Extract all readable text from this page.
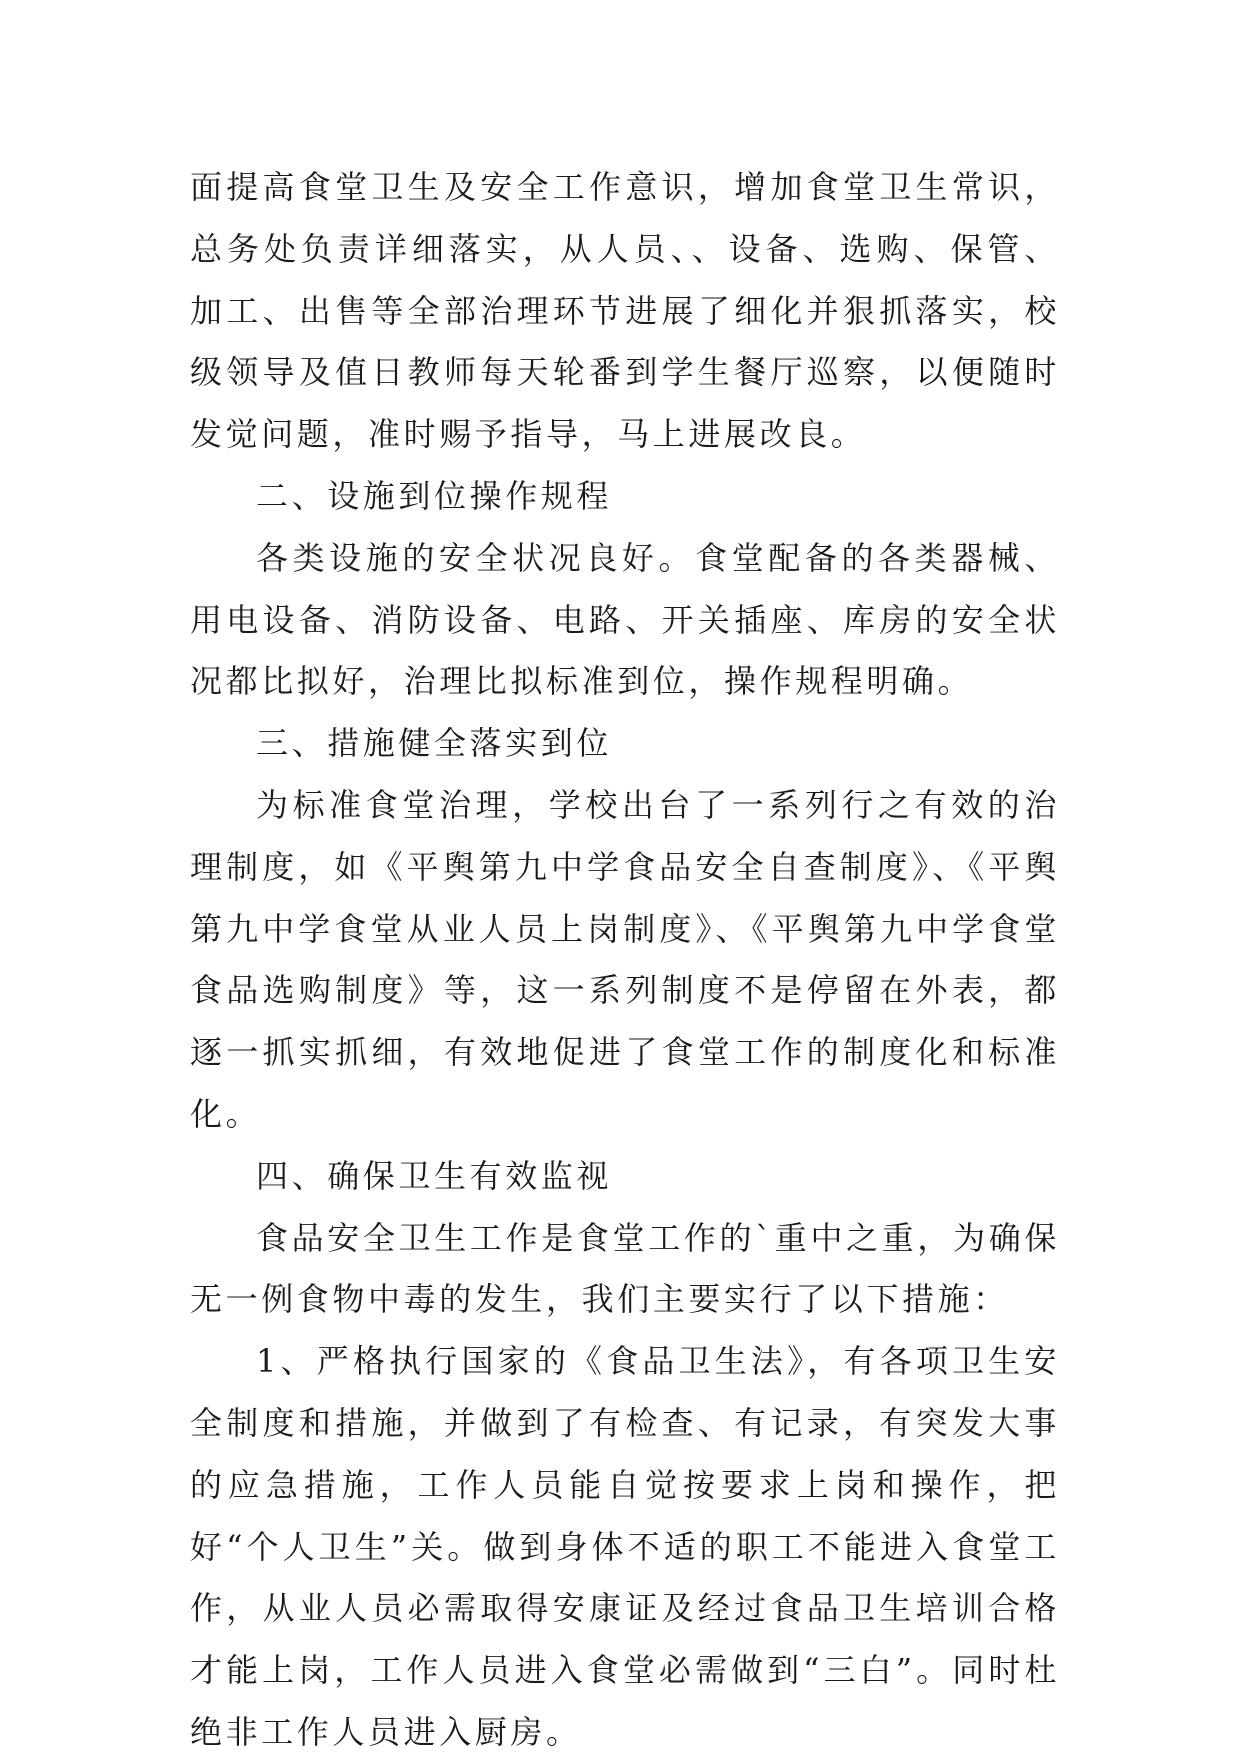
面提高食堂卫生及安全工作意识，增加食堂卫生常识，总务处负责详细落实，从人员、、设备、选购、保管、加工、出售等全部治理环节进展了细化并狠抓落实，校级领导及值日教师每天轮番到学生餐厅巡察，以便随时发觉问题，准时赐予指导，马上进展改良。

二、设施到位操作规程

各类设施的安全状况良好。食堂配备的各类器械、用电设备、消防设备、电路、开关插座、库房的安全状况都比拟好，治理比拟标准到位，操作规程明确。

三、措施健全落实到位

为标准食堂治理，学校出台了一系列行之有效的治理制度，如《平舆第九中学食品安全自查制度》、《平舆第九中学食堂从业人员上岗制度》、《平舆第九中学食堂食品选购制度》等，这一系列制度不是停留在外表，都逐一抓实抓细，有效地促进了食堂工作的制度化和标准化。

四、确保卫生有效监视

食品安全卫生工作是食堂工作的`重中之重，为确保无一例食物中毒的发生，我们主要实行了以下措施：

1、严格执行国家的《食品卫生法》，有各项卫生安全制度和措施，并做到了有检查、有记录，有突发大事的应急措施，工作人员能自觉按要求上岗和操作，把好“个人卫生”关。做到身体不适的职工不能进入食堂工作，从业人员必需取得安康证及经过食品卫生培训合格才能上岗，工作人员进入食堂必需做到“三白”。同时杜绝非工作人员进入厨房。
